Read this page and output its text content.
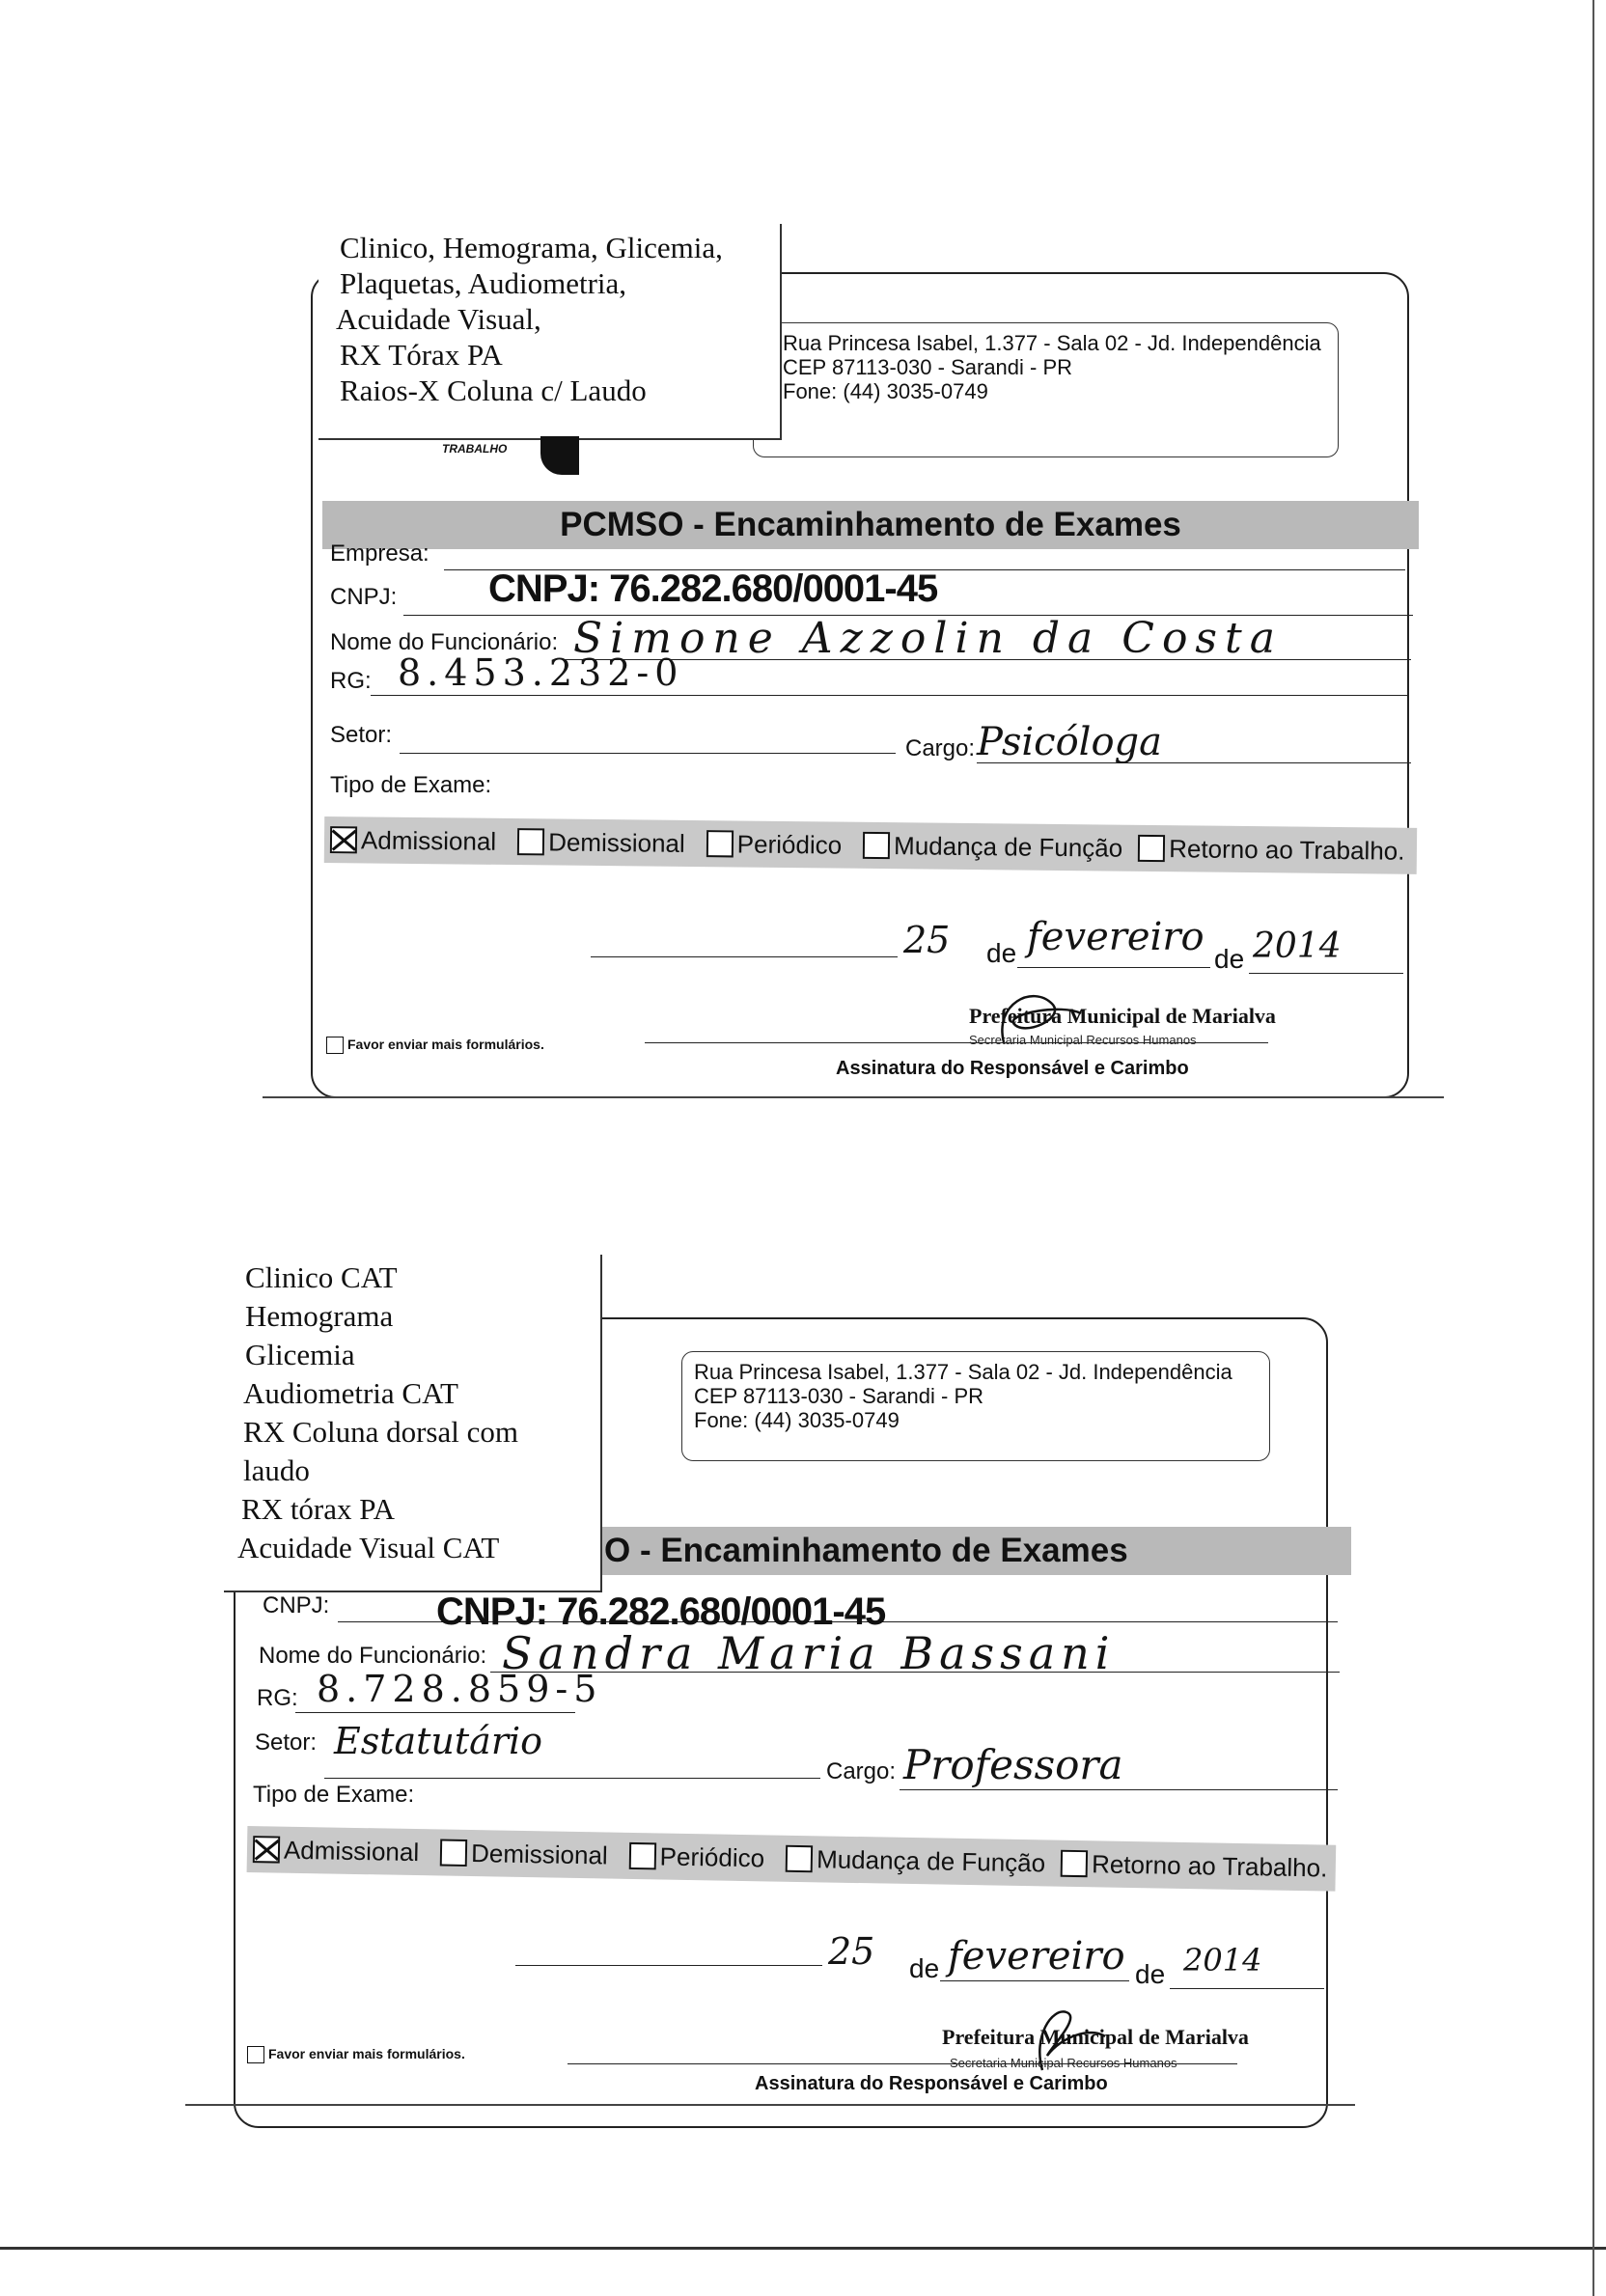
Rua Princesa Isabel, 1.377 - Sala 02 - Jd. Independência
CEP 87113-030 - Sarandi - PR
Fone: (44) 3035-0749
Clinico, Hemograma, Glicemia,
Plaquetas, Audiometria,
Acuidade Visual,
RX Tórax PA
Raios-X Coluna c/ Laudo
TRABALHO
PCMSO - Encaminhamento de Exames
Empresa:
CNPJ: CNPJ: 76.282.680/0001-45
Nome do Funcionário: Simone Azzolin da Costa
RG: 8.453.232-0
Setor:
Cargo: Psicóloga
Tipo de Exame:
Admissional Demissional Periódico Mudança de Função Retorno ao Trabalho.
25 de fevereiro de 2014
Favor enviar mais formulários.
Prefeitura Municipal de Marialva
Secretaria Municipal Recursos Humanos
Assinatura do Responsável e Carimbo
Rua Princesa Isabel, 1.377 - Sala 02 - Jd. Independência
CEP 87113-030 - Sarandi - PR
Fone: (44) 3035-0749
O - Encaminhamento de Exames
Clinico CAT
Hemograma
Glicemia
Audiometria CAT
RX Coluna dorsal com
laudo
RX tórax PA
Acuidade Visual CAT
CNPJ:	CNPJ: 76.282.680/0001-45
Nome do Funcionário: Sandra Maria Bassani
RG: 8.728.859-5
Setor: Estatutário
Cargo: Professora
Tipo de Exame:
Admissional Demissional Periódico Mudança de Função Retorno ao Trabalho.
25 de fevereiro de 2014
Favor enviar mais formulários.
Prefeitura Municipal de Marialva
Secretaria Municipal Recursos Humanos
Assinatura do Responsável e Carimbo
